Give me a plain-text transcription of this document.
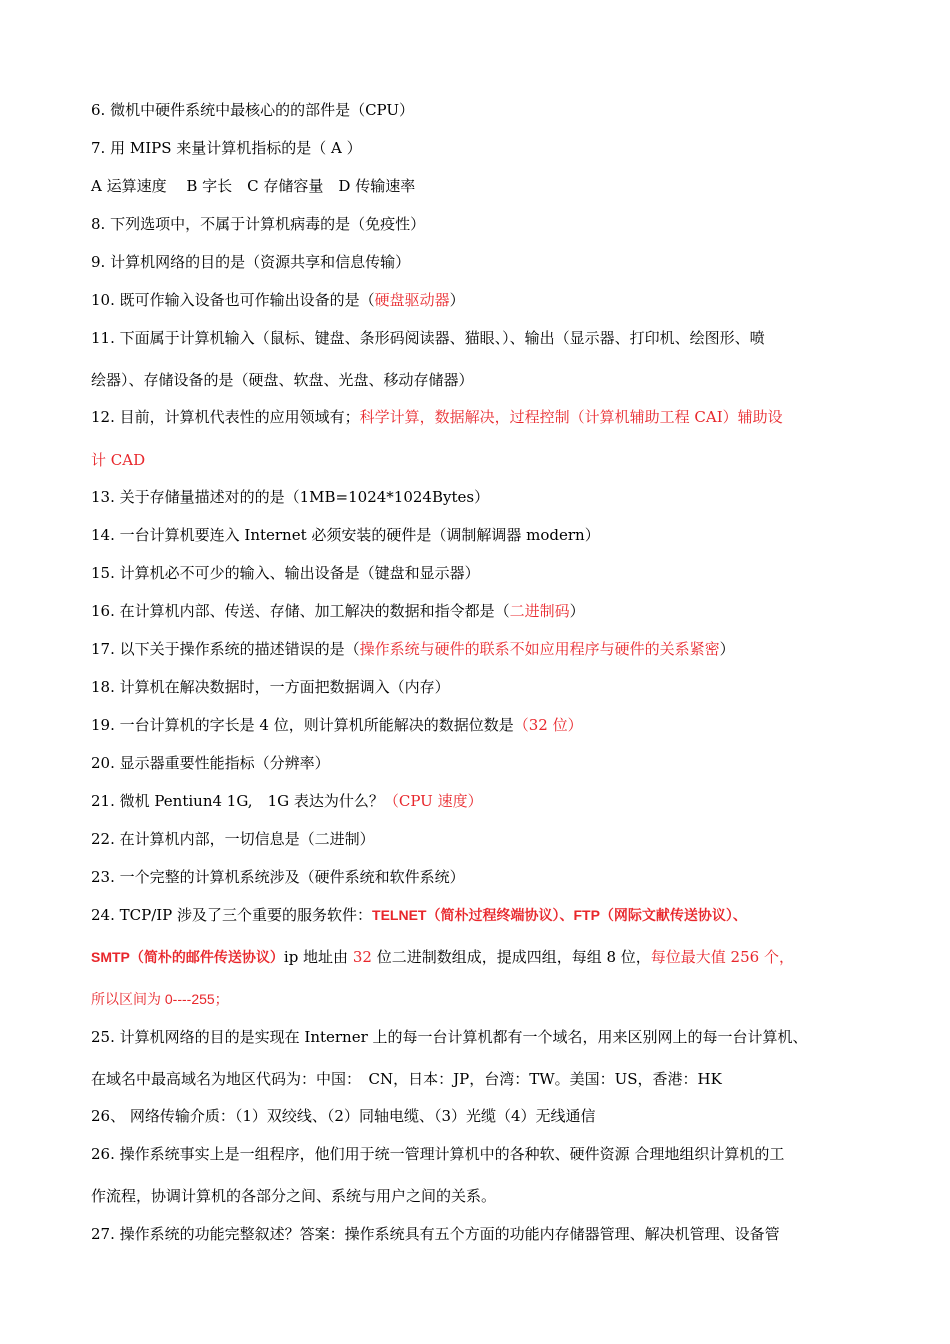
6. 微机中硬件系统中最核心的的部件是（CPU）
7. 用 MIPS 来量计算机指标的是（ A ）
A 运算速度　 B 字长　C 存储容量　D 传输速率
8. 下列选项中，不属于计算机病毒的是（免疫性）
9. 计算机网络的目的是（资源共享和信息传输）
10. 既可作输入设备也可作输出设备的是（硬盘驱动器）
11. 下面属于计算机输入（鼠标、键盘、条形码阅读器、猫眼、）、输出（显示器、打印机、绘图形、喷
绘器）、存储设备的是（硬盘、软盘、光盘、移动存储器）
12. 目前，计算机代表性的应用领域有；科学计算，数据解决，过程控制（计算机辅助工程 CAI）辅助设
计 CAD
13. 关于存储量描述对的的是（1MB=1024*1024Bytes）
14. 一台计算机要连入 Internet 必须安装的硬件是（调制解调器 modern）
15. 计算机必不可少的输入、输出设备是（键盘和显示器）
16. 在计算机内部、传送、存储、加工解决的数据和指令都是（二进制码）
17. 以下关于操作系统的描述错误的是（操作系统与硬件的联系不如应用程序与硬件的关系紧密）
18. 计算机在解决数据时，一方面把数据调入（内存）
19. 一台计算机的字长是 4 位，则计算机所能解决的数据位数是（32 位）
20. 显示器重要性能指标（分辨率）
21. 微机 Pentiun4 1G,　1G 表达为什么？（CPU 速度）
22. 在计算机内部，一切信息是（二进制）
23. 一个完整的计算机系统涉及（硬件系统和软件系统）
24. TCP/IP 涉及了三个重要的服务软件：TELNET（简朴过程终端协议）、FTP（网际文献传送协议）、
SMTP（简朴的邮件传送协议）ip 地址由 32 位二进制数组成，提成四组，每组 8 位，每位最大值 256 个，
所以区间为 0----255；
25. 计算机网络的目的是实现在 Interner 上的每一台计算机都有一个域名，用来区别网上的每一台计算机、
在域名中最高域名为地区代码为：中国：　CN，日本：JP，台湾：TW。美国：US，香港：HK
26、 网络传输介质：（1）双绞线、（2）同轴电缆、（3）光缆（4）无线通信
26. 操作系统事实上是一组程序，他们用于统一管理计算机中的各种软、硬件资源 合理地组织计算机的工
作流程，协调计算机的各部分之间、系统与用户之间的关系。
27. 操作系统的功能完整叙述？答案：操作系统具有五个方面的功能内存储器管理、解决机管理、设备管
